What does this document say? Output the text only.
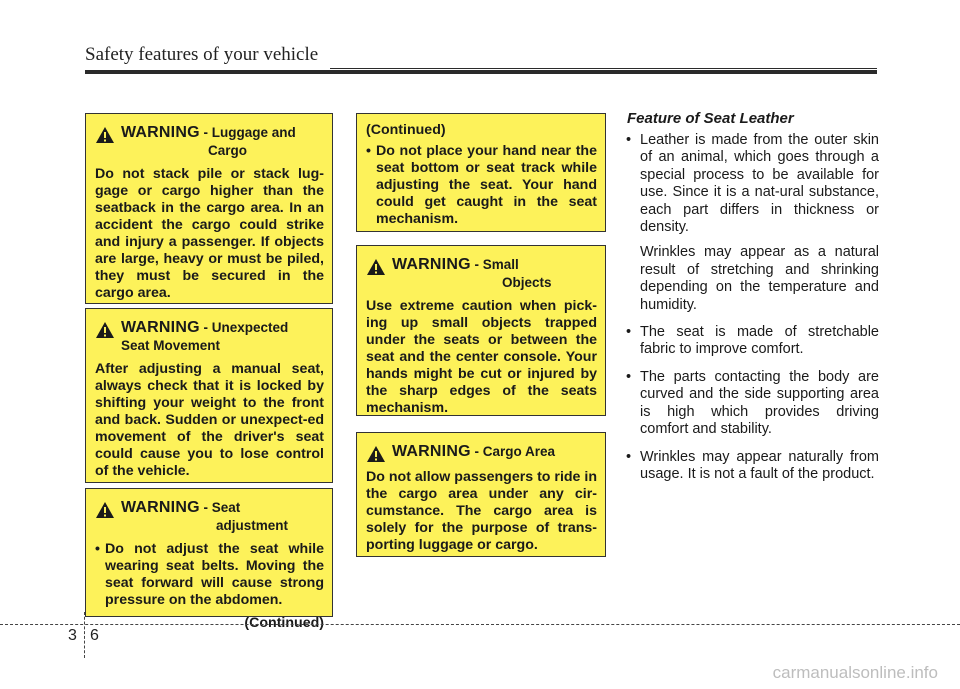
Safety features of your vehicle
WARNING - Luggage and
Cargo
Do not stack pile or stack lug-gage or cargo higher than the seatback in the cargo area. In an accident the cargo could strike and injury a passenger. If objects are large, heavy or must be piled, they must be secured in the cargo area.
WARNING - Unexpected
Seat Movement
After adjusting a manual seat, always check that it is locked by shifting your weight to the front and back. Sudden or unexpect-ed movement of the driver's seat could cause you to lose control of the vehicle.
WARNING - Seat
adjustment
• Do not adjust the seat while wearing seat belts. Moving the seat forward will cause strong pressure on the abdomen.
(Continued)
(Continued)
• Do not place your hand near the seat bottom or seat track while adjusting the seat. Your hand could get caught in the seat mechanism.
WARNING - Small
Objects
Use extreme caution when pick-ing up small objects trapped under the seats or between the seat and the center console. Your hands might be cut or injured by the sharp edges of the seats mechanism.
WARNING - Cargo Area
Do not allow passengers to ride in the cargo area under any cir-cumstance. The cargo area is solely for the purpose of trans-porting luggage or cargo.
Feature of Seat Leather
• Leather is made from the outer skin of an animal, which goes through a special process to be available for use. Since it is a nat-ural substance, each part differs in thickness or density.

Wrinkles may appear as a natural result of stretching and shrinking depending on the temperature and humidity.

• The seat is made of stretchable fabric to improve comfort.

• The parts contacting the body are curved and the side supporting area is high which provides driving comfort and stability.

• Wrinkles may appear naturally from usage. It is not a fault of the product.

3 6
carmanualsonline.info
